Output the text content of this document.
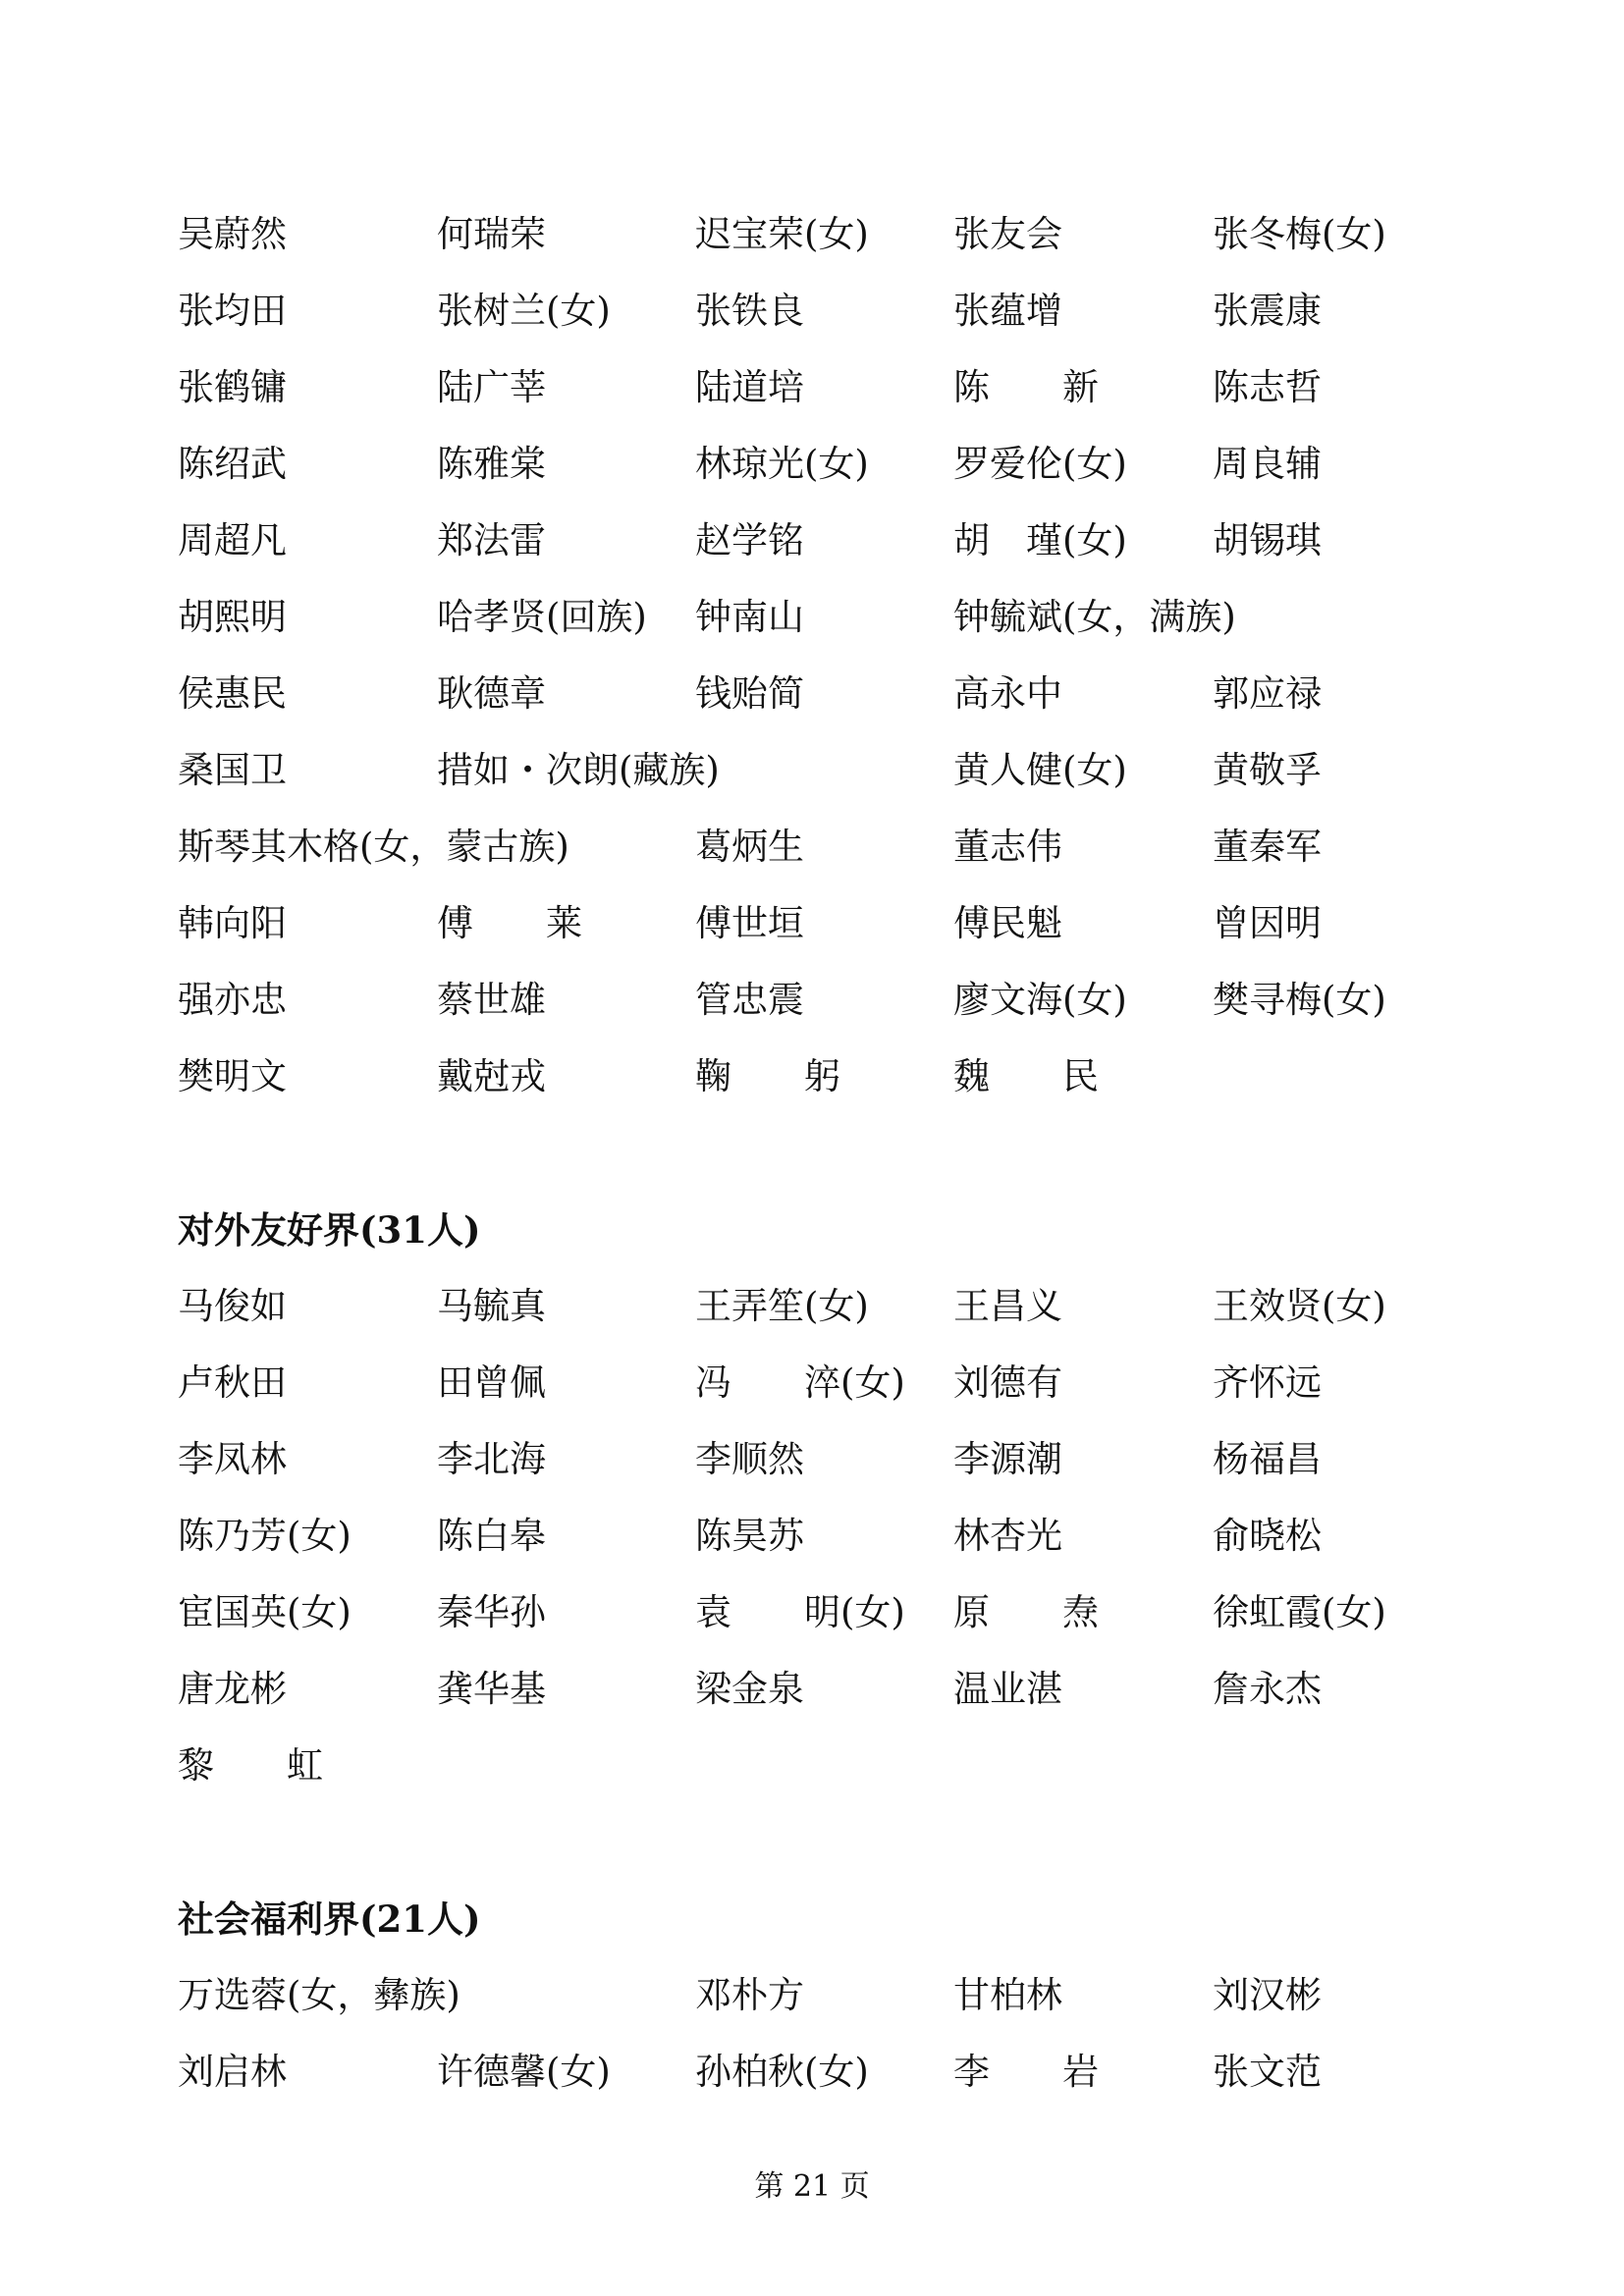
吴蔚然	何瑞荣	迟宝荣(女) 张友会	张冬梅(女)
张均田	张树兰(女) 张铁良	张蕴增	张震康
张鹤镛	陆广莘	陆道培	陈　　新	陈志哲
陈绍武	陈雅棠	林琼光(女) 罗爱伦(女) 周良辅
周超凡	郑法雷	赵学铭	胡　瑾(女) 胡锡琪
胡熙明	哈孝贤(回族) 钟南山	钟毓斌(女，满族)
侯惠民	耿德章	钱贻简	高永中	郭应禄
桑国卫	措如・次朗(藏族)	黄人健(女) 黄敬孚
斯琴其木格(女，蒙古族)	葛炳生	董志伟	董秦军
韩向阳	傅　　莱	傅世垣	傅民魁	曾因明
强亦忠	蔡世雄	管忠震	廖文海(女) 樊寻梅(女)
樊明文	戴尅戎	鞠　　躬	魏　　民
对外友好界(31人)
马俊如	马毓真	王弄笙(女) 王昌义	王效贤(女)
卢秋田	田曾佩	冯　　淬(女) 刘德有	齐怀远
李凤林	李北海	李顺然	李源潮	杨福昌
陈乃芳(女) 陈白皋	陈昊苏	林杏光	俞晓松
宦国英(女) 秦华孙	袁　　明(女) 原　　焘	徐虹霞(女)
唐龙彬	龚华基	梁金泉	温业湛	詹永杰
黎　　虹
社会福利界(21人)
万选蓉(女，彝族)	邓朴方	甘柏林	刘汉彬
刘启林	许德馨(女) 孙柏秋(女) 李　　岩	张文范
第 21 页
